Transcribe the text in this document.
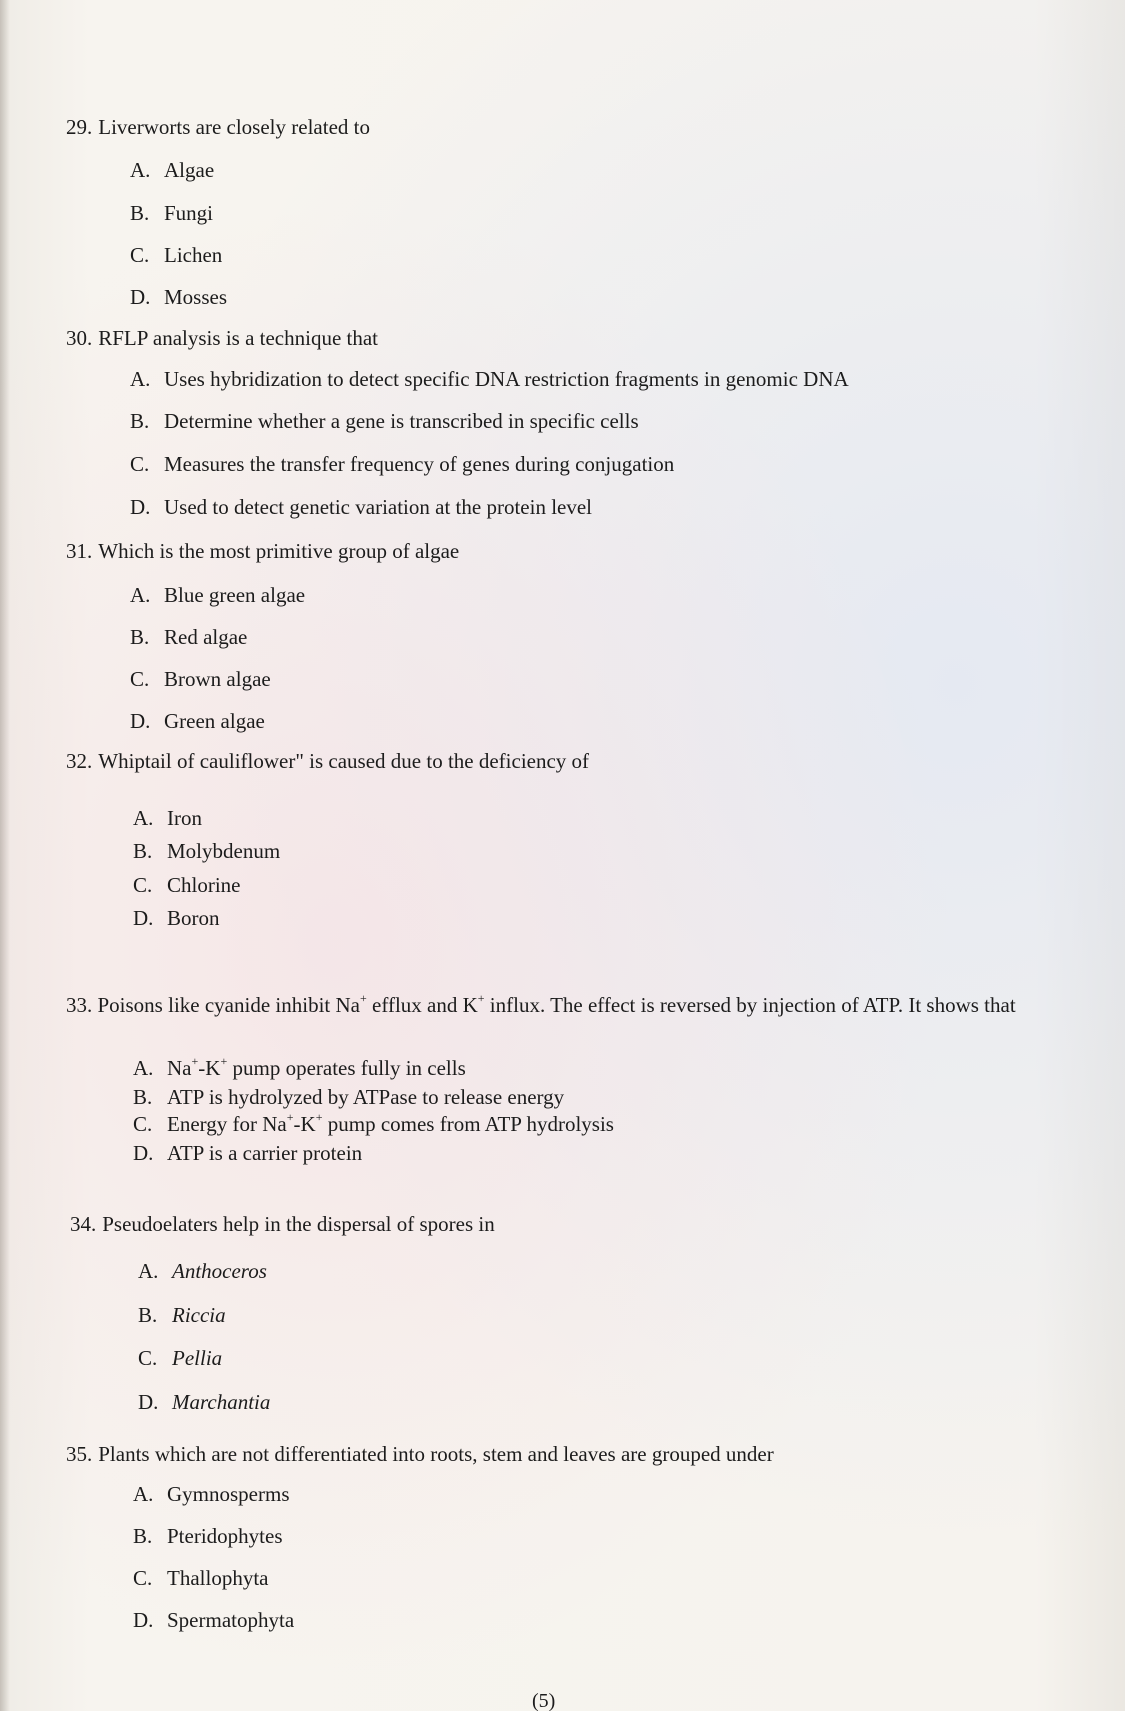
29. Liverworts are closely related to
A. Algae
B. Fungi
C. Lichen
D. Mosses
30. RFLP analysis is a technique that
A. Uses hybridization to detect specific DNA restriction fragments in genomic DNA
B. Determine whether a gene is transcribed in specific cells
C. Measures the transfer frequency of genes during conjugation
D. Used to detect genetic variation at the protein level
31. Which is the most primitive group of algae
A. Blue green algae
B. Red algae
C. Brown algae
D. Green algae
32. Whiptail of cauliflower" is caused due to the deficiency of
A. Iron
B. Molybdenum
C. Chlorine
D. Boron
33. Poisons like cyanide inhibit Na+ efflux and K+ influx. The effect is reversed by injection of ATP. It shows that
A. Na+-K+ pump operates fully in cells
B. ATP is hydrolyzed by ATPase to release energy
C. Energy for Na+-K+ pump comes from ATP hydrolysis
D. ATP is a carrier protein
34. Pseudoelaters help in the dispersal of spores in
A. Anthoceros
B. Riccia
C. Pellia
D. Marchantia
35. Plants which are not differentiated into roots, stem and leaves are grouped under
A. Gymnosperms
B. Pteridophytes
C. Thallophyta
D. Spermatophyta
(5)
